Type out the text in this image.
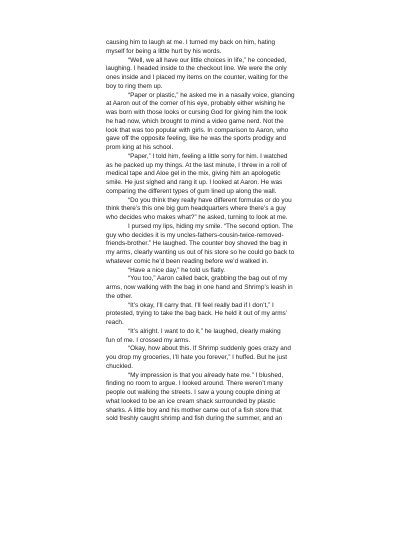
causing him to laugh at me. I turned my back on him, hating
myself for being a little hurt by his words.
“Well, we all have our little choices in life,” he conceded,
laughing. I headed inside to the checkout line. We were the only
ones inside and I placed my items on the counter, waiting for the
boy to ring them up.
“Paper or plastic,” he asked me in a nasally voice, glancing
at Aaron out of the corner of his eye, probably either wishing he
was born with those looks or cursing God for giving him the look
he had now, which brought to mind a video game nerd. Not the
look that was too popular with girls. In comparison to Aaron, who
gave off the opposite feeling, like he was the sports prodigy and
prom king at his school.
“Paper,” I told him, feeling a little sorry for him. I watched
as he packed up my things. At the last minute, I threw in a roll of
medical tape and Aloe gel in the mix, giving him an apologetic
smile. He just sighed and rang it up. I looked at Aaron. He was
comparing the different types of gum lined up along the wall.
“Do you think they really have different formulas or do you
think there’s this one big gum headquarters where there’s a guy
who decides who makes what?” he asked, turning to look at me.
I pursed my lips, hiding my smile. “The second option. The
guy who decides it is my uncles-fathers-cousin-twice-removed-
friends-brother.” He laughed. The counter boy shoved the bag in
my arms, clearly wanting us out of his store so he could go back to
whatever comic he’d been reading before we’d walked in.
“Have a nice day,” he told us flatly.
“You too,” Aaron called back, grabbing the bag out of my
arms, now walking with the bag in one hand and Shrimp’s leash in
the other.
“It’s okay, I’ll carry that. I’ll feel really bad if I don’t,” I
protested, trying to take the bag back. He held it out of my arms’
reach.
“It’s alright. I want to do it,” he laughed, clearly making
fun of me. I crossed my arms.
“Okay, how about this. If Shrimp suddenly goes crazy and
you drop my groceries, I’ll hate you forever,” I huffed. But he just
chuckled.
“My impression is that you already hate me.” I blushed,
finding no room to argue. I looked around. There weren’t many
people out walking the streets. I saw a young couple dining at
what looked to be an ice cream shack surrounded by plastic
sharks. A little boy and his mother came out of a fish store that
sold freshly caught shrimp and fish during the summer, and an
